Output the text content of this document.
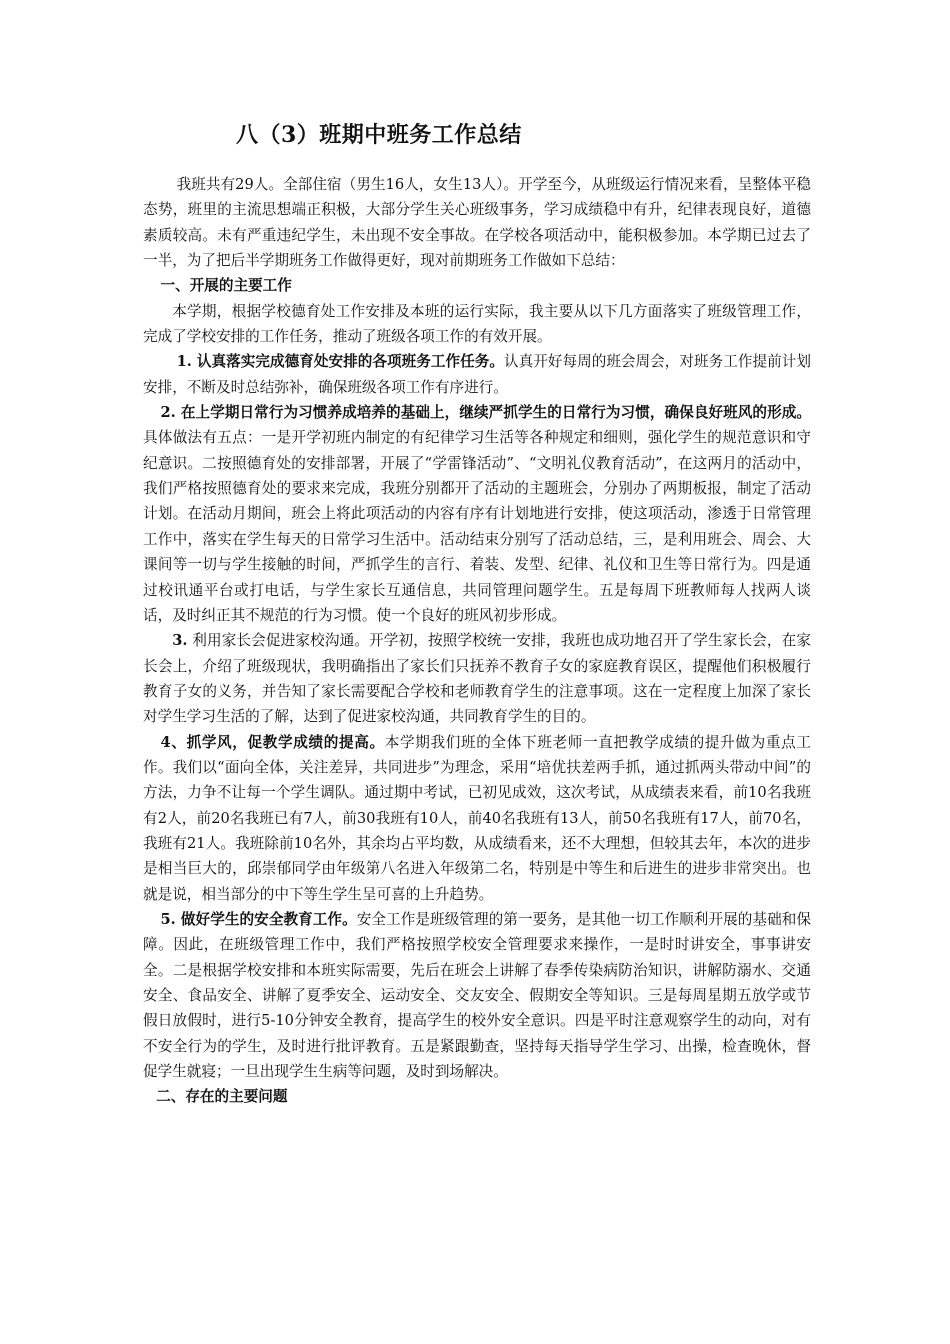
八（3）班期中班务工作总结

我班共有29人。全部住宿（男生16人，女生13人）。开学至今，从班级运行情况来看，呈整体平稳态势，班里的主流思想端正积极，大部分学生关心班级事务，学习成绩稳中有升，纪律表现良好，道德素质较高。未有严重违纪学生，未出现不安全事故。在学校各项活动中，能积极参加。本学期已过去了一半，为了把后半学期班务工作做得更好，现对前期班务工作做如下总结：

一、开展的主要工作

本学期，根据学校德育处工作安排及本班的运行实际，我主要从以下几方面落实了班级管理工作，完成了学校安排的工作任务，推动了班级各项工作的有效开展。

1. 认真落实完成德育处安排的各项班务工作任务。认真开好每周的班会周会，对班务工作提前计划安排，不断及时总结弥补，确保班级各项工作有序进行。

2. 在上学期日常行为习惯养成培养的基础上，继续严抓学生的日常行为习惯，确保良好班风的形成。具体做法有五点：一是开学初班内制定的有纪律学习生活等各种规定和细则，强化学生的规范意识和守纪意识。二按照德育处的安排部署，开展了“学雷锋活动”、“文明礼仪教育活动”，在这两月的活动中，我们严格按照德育处的要求来完成，我班分别都开了活动的主题班会，分别办了两期板报，制定了活动计划。在活动月期间，班会上将此项活动的内容有序有计划地进行安排，使这项活动，渗透于日常管理工作中，落实在学生每天的日常学习生活中。活动结束分别写了活动总结，三，是利用班会、周会、大课间等一切与学生接触的时间，严抓学生的言行、着装、发型、纪律、礼仪和卫生等日常行为。四是通过校讯通平台或打电话，与学生家长互通信息，共同管理问题学生。五是每周下班教师每人找两人谈话，及时纠正其不规范的行为习惯。使一个良好的班风初步形成。

3. 利用家长会促进家校沟通。开学初，按照学校统一安排，我班也成功地召开了学生家长会，在家长会上，介绍了班级现状，我明确指出了家长们只抚养不教育子女的家庭教育误区，提醒他们积极履行教育子女的义务，并告知了家长需要配合学校和老师教育学生的注意事项。这在一定程度上加深了家长对学生学习生活的了解，达到了促进家校沟通，共同教育学生的目的。

4、抓学风，促教学成绩的提高。本学期我们班的全体下班老师一直把教学成绩的提升做为重点工作。我们以“面向全体，关注差异，共同进步”为理念，采用“培优扶差两手抓，通过抓两头带动中间”的方法，力争不让每一个学生调队。通过期中考试，已初见成效，这次考试，从成绩表来看，前10名我班有2人，前20名我班已有7人，前30我班有10人，前40名我班有13人，前50名我班有17人，前70名，我班有21人。我班除前10名外，其余均占平均数，从成绩看来，还不大理想，但较其去年，本次的进步是相当巨大的，邱崇郁同学由年级第八名进入年级第二名，特别是中等生和后进生的进步非常突出。也就是说，相当部分的中下等生学生呈可喜的上升趋势。

5. 做好学生的安全教育工作。安全工作是班级管理的第一要务，是其他一切工作顺利开展的基础和保障。因此，在班级管理工作中，我们严格按照学校安全管理要求来操作，一是时时讲安全，事事讲安全。二是根据学校安排和本班实际需要，先后在班会上讲解了春季传染病防治知识，讲解防溺水、交通安全、食品安全、讲解了夏季安全、运动安全、交友安全、假期安全等知识。三是每周星期五放学或节假日放假时，进行5-10分钟安全教育，提高学生的校外安全意识。四是平时注意观察学生的动向，对有不安全行为的学生，及时进行批评教育。五是紧跟勤查，坚持每天指导学生学习、出操，检查晚休，督促学生就寝；一旦出现学生生病等问题，及时到场解决。

二、存在的主要问题
